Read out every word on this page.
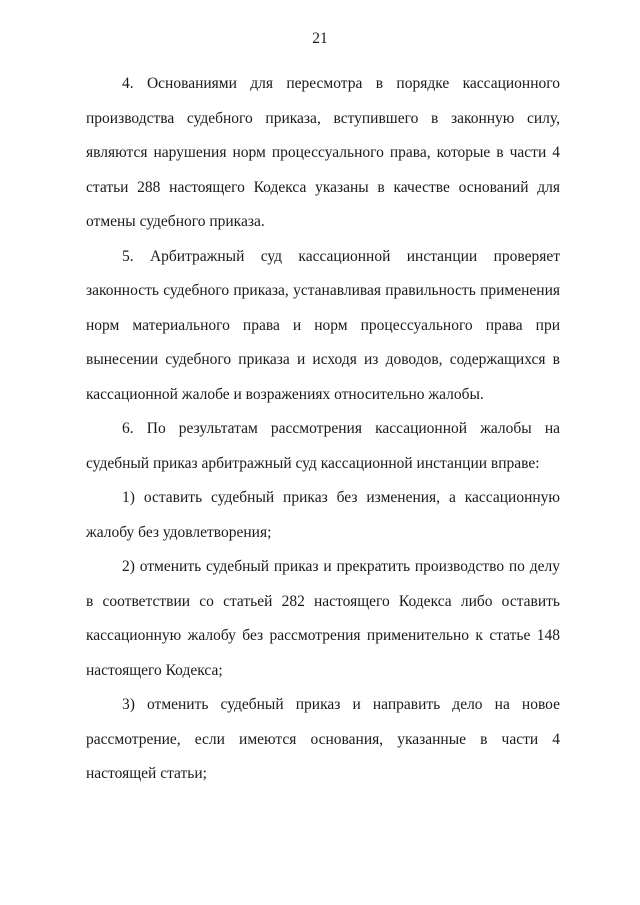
21

4. Основаниями для пересмотра в порядке кассационного производства судебного приказа, вступившего в законную силу, являются нарушения норм процессуального права, которые в части 4 статьи 288 настоящего Кодекса указаны в качестве оснований для отмены судебного приказа.

5. Арбитражный суд кассационной инстанции проверяет законность судебного приказа, устанавливая правильность применения норм материального права и норм процессуального права при вынесении судебного приказа и исходя из доводов, содержащихся в кассационной жалобе и возражениях относительно жалобы.

6. По результатам рассмотрения кассационной жалобы на судебный приказ арбитражный суд кассационной инстанции вправе:

1) оставить судебный приказ без изменения, а кассационную жалобу без удовлетворения;

2) отменить судебный приказ и прекратить производство по делу в соответствии со статьей 282 настоящего Кодекса либо оставить кассационную жалобу без рассмотрения применительно к статье 148 настоящего Кодекса;

3) отменить судебный приказ и направить дело на новое рассмотрение, если имеются основания, указанные в части 4 настоящей статьи;
